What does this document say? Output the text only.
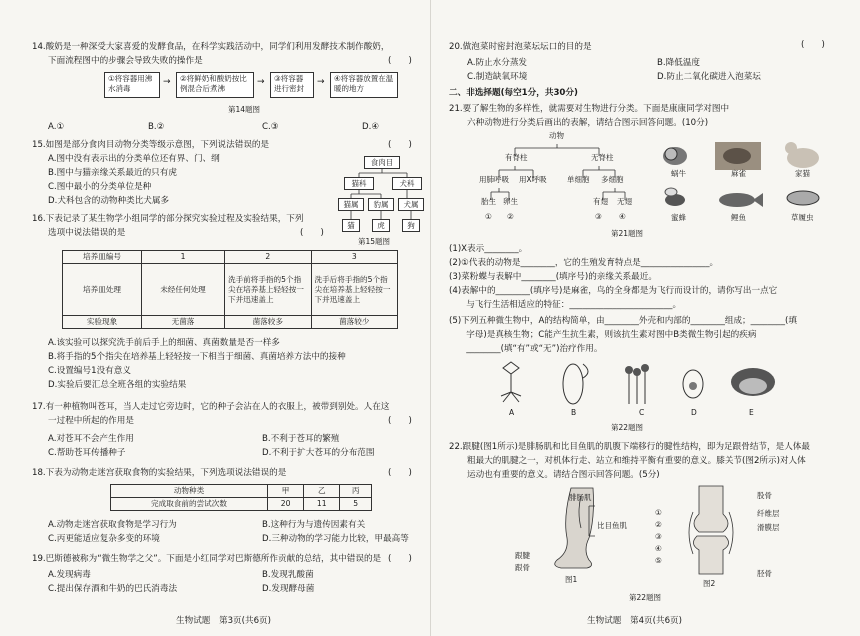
14.酸奶是一种深受大家喜爱的发酵食品，在科学实践活动中，同学们利用发酵技术制作酸奶，
下面流程图中的步骤会导致失败的操作是	(　　)
①将容器用沸水消毒
→	②将鲜奶和酸奶按比例混合后煮沸
→	③将容器进行密封
→	④将容器放置在温暖的地方
第14题图
A.①	B.②	C.③	D.④
15.如图是部分食肉目动物分类等级示意图，下列说法错误的是	(　　)
A.图中没有表示出的分类单位还有界、门、纲
B.图中与猫亲缘关系最近的只有虎
C.图中最小的分类单位是种
D.犬科包含的动物种类比犬属多
食肉目
猫科	犬科
猫属	豹属	犬属
猫	虎	狗
第15题图
16.下表记录了某生物学小组同学的部分探究实验过程及实验结果，下列
选项中说法错误的是	(　　)
培养皿编号	1	2	3
培养皿处理	未经任何处理	洗手前将手指的5个指尖在培养基上轻轻按一下并迅速盖上	洗手后将手指的5个指尖在培养基上轻轻按一下并迅速盖上
实验现象	无菌落	菌落较多	菌落较少
A.该实验可以探究洗手前后手上的细菌、真菌数量是否一样多
B.将手指的5个指尖在培养基上轻轻按一下相当于细菌、真菌培养方法中的接种
C.设置编号1没有意义
D.实验后要汇总全班各组的实验结果
17.有一种植物叫苍耳，当人走过它旁边时，它的种子会沾在人的衣服上，被带到别处。人在这
一过程中所起的作用是	(　　)
A.对苍耳不会产生作用	B.不利于苍耳的繁殖
C.帮助苍耳传播种子	D.不利于扩大苍耳的分布范围
18.下表为动物走迷宫获取食物的实验结果，下列选项说法错误的是	(　　)
动物种类	甲	乙	丙
完成取食前的尝试次数	20	11	5
A.动物走迷宫获取食物是学习行为	B.这种行为与遗传因素有关
C.丙更能适应复杂多变的环境	D.三种动物的学习能力比较，甲最高等
19.巴斯德被称为“微生物学之父”。下面是小红同学对巴斯德所作贡献的总结，其中错误的是 (　　)
A.发现病毒	B.发现乳酸菌
C.提出保存酒和牛奶的巴氏消毒法	D.发现酵母菌
生物试题　第3页(共6页)
20.做泡菜时密封泡菜坛坛口的目的是	(　　)
A.防止水分蒸发	B.降低温度
C.制造缺氧环境	D.防止二氧化碳进入泡菜坛
二、非选择题(每空1分，共30分)
21.要了解生物的多样性，就需要对生物进行分类。下面是康康同学对图中
六种动物进行分类后画出的表解，请结合图示回答问题。(10分)
动物
有脊柱	无脊柱
用肺呼吸 用X呼吸	单细胞 多细胞
胎生 卵生	有翅 无翅
① ②	③ ④
蜗牛	麻雀	家猫
蜜蜂	鲤鱼	草履虫
第21题图
(1)X表示________。
(2)①代表的动物是________，它的生殖发育特点是________________。
(3)菜粉蝶与表解中________(填序号)的亲缘关系最近。
(4)表解中的________(填序号)是麻雀，鸟的全身都是为飞行而设计的，请你写出一点它
　　与飞行生活相适应的特征：________________________。
(5)下列五种微生物中，A的结构简单，由________外壳和内部的________组成；________(填
　　字母)是真核生物；C能产生抗生素，则该抗生素对图中B类微生物引起的疾病
　　________(填“有”或“无”)治疗作用。
A	B	C	D	E
第22题图
22.跟腱(图1所示)是腓肠肌和比目鱼肌的肌腹下端移行的腱性结构，即为足跟骨结节，是人体最
粗最大的肌腱之一，对机体行走、站立和维持平衡有重要的意义。膝关节(图2所示)对人体
运动也有重要的意义。请结合图示回答问题。(5分)
腓肠肌
比目鱼肌
跟腱
跟骨
图1
①
②
③
④
⑤
股骨
纤维层
滑膜层
胫骨
图2
第22题图
生物试题　第4页(共6页)
